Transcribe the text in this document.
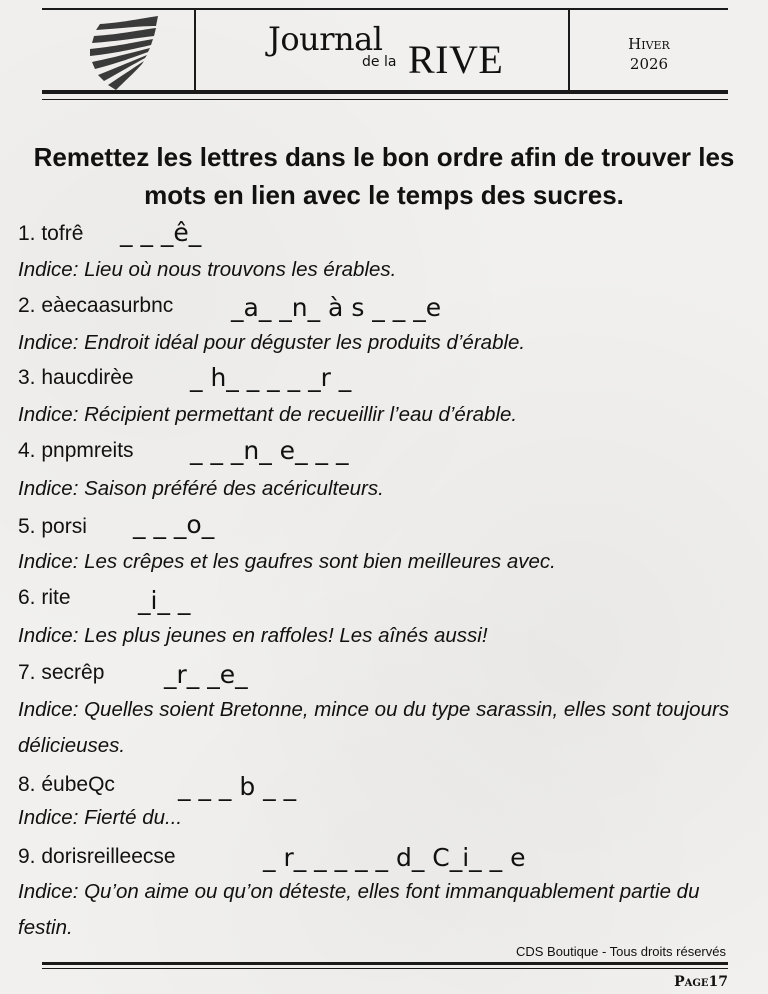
Journal
de la RIVE	Hiver
2026
Remettez les lettres dans le bon ordre afin de trouver les mots en lien avec le temps des sucres.
1. tofrê _ _ _ê_
Indice: Lieu où nous trouvons les érables.
2. eàecaasurbnc _a_ _n_ à s _ _ _e
Indice: Endroit idéal pour déguster les produits d’érable.
3. haucdirèe _ h_ _ _ _ _r _
Indice: Récipient permettant de recueillir l’eau d’érable.
4. pnpmreits _ _ _n_ e_ _ _
Indice: Saison préféré des acériculteurs.
5. porsi _ _ _o_
Indice: Les crêpes et les gaufres sont bien meilleures avec.
6. rite	_i_ _
Indice: Les plus jeunes en raffoles! Les aînés aussi!
7. secrêp _r_ _e_
Indice: Quelles soient Bretonne, mince ou du type sarassin, elles sont toujours délicieuses.
8. éubeQc	_ _ _ b _ _
Indice: Fierté du...
9. dorisreilleecse	_ r_ _ _ _ _ d_ C_i_ _ e
Indice: Qu’on aime ou qu’on déteste, elles font immanquablement partie du festin.
CDS Boutique - Tous droits réservés
Page17
